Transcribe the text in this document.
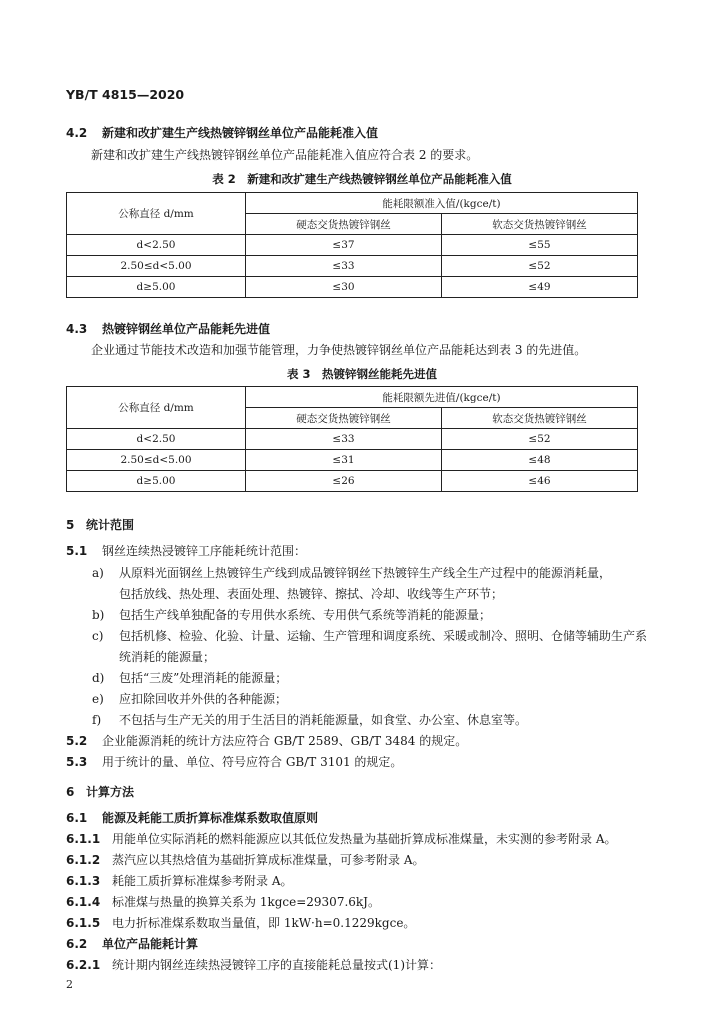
YB/T 4815—2020
4.2 新建和改扩建生产线热镀锌钢丝单位产品能耗准入值
新建和改扩建生产线热镀锌钢丝单位产品能耗准入值应符合表 2 的要求。
表 2　新建和改扩建生产线热镀锌钢丝单位产品能耗准入值
公称直径 d/mm	能耗限额准入值/(kgce/t)	
	硬态交货热镀锌钢丝	软态交货热镀锌钢丝
d<2.50	≤37	≤55
2.50≤d<5.00	≤33	≤52
d≥5.00	≤30	≤49
4.3 热镀锌钢丝单位产品能耗先进值
企业通过节能技术改造和加强节能管理，力争使热镀锌钢丝单位产品能耗达到表 3 的先进值。
表 3　热镀锌钢丝能耗先进值
公称直径 d/mm	能耗限额先进值/(kgce/t)	
	硬态交货热镀锌钢丝	软态交货热镀锌钢丝
d<2.50	≤33	≤52
2.50≤d<5.00	≤31	≤48
d≥5.00	≤26	≤46
5 统计范围
5.1 钢丝连续热浸镀锌工序能耗统计范围：
a) 从原料光面钢丝上热镀锌生产线到成品镀锌钢丝下热镀锌生产线全生产过程中的能源消耗量，
包括放线、热处理、表面处理、热镀锌、擦拭、冷却、收线等生产环节；
b) 包括生产线单独配备的专用供水系统、专用供气系统等消耗的能源量；
c) 包括机修、检验、化验、计量、运输、生产管理和调度系统、采暖或制冷、照明、仓储等辅助生产系
统消耗的能源量；
d) 包括“三废”处理消耗的能源量；
e) 应扣除回收并外供的各种能源；
f) 不包括与生产无关的用于生活目的消耗能源量，如食堂、办公室、休息室等。
5.2 企业能源消耗的统计方法应符合 GB/T 2589、GB/T 3484 的规定。
5.3 用于统计的量、单位、符号应符合 GB/T 3101 的规定。
6 计算方法
6.1 能源及耗能工质折算标准煤系数取值原则
6.1.1 用能单位实际消耗的燃料能源应以其低位发热量为基础折算成标准煤量，未实测的参考附录 A。
6.1.2 蒸汽应以其热焓值为基础折算成标准煤量，可参考附录 A。
6.1.3 耗能工质折算标准煤参考附录 A。
6.1.4 标准煤与热量的换算关系为 1kgce=29307.6kJ。
6.1.5 电力折标准煤系数取当量值，即 1kW·h=0.1229kgce。
6.2 单位产品能耗计算
6.2.1 统计期内钢丝连续热浸镀锌工序的直接能耗总量按式(1)计算：
2
